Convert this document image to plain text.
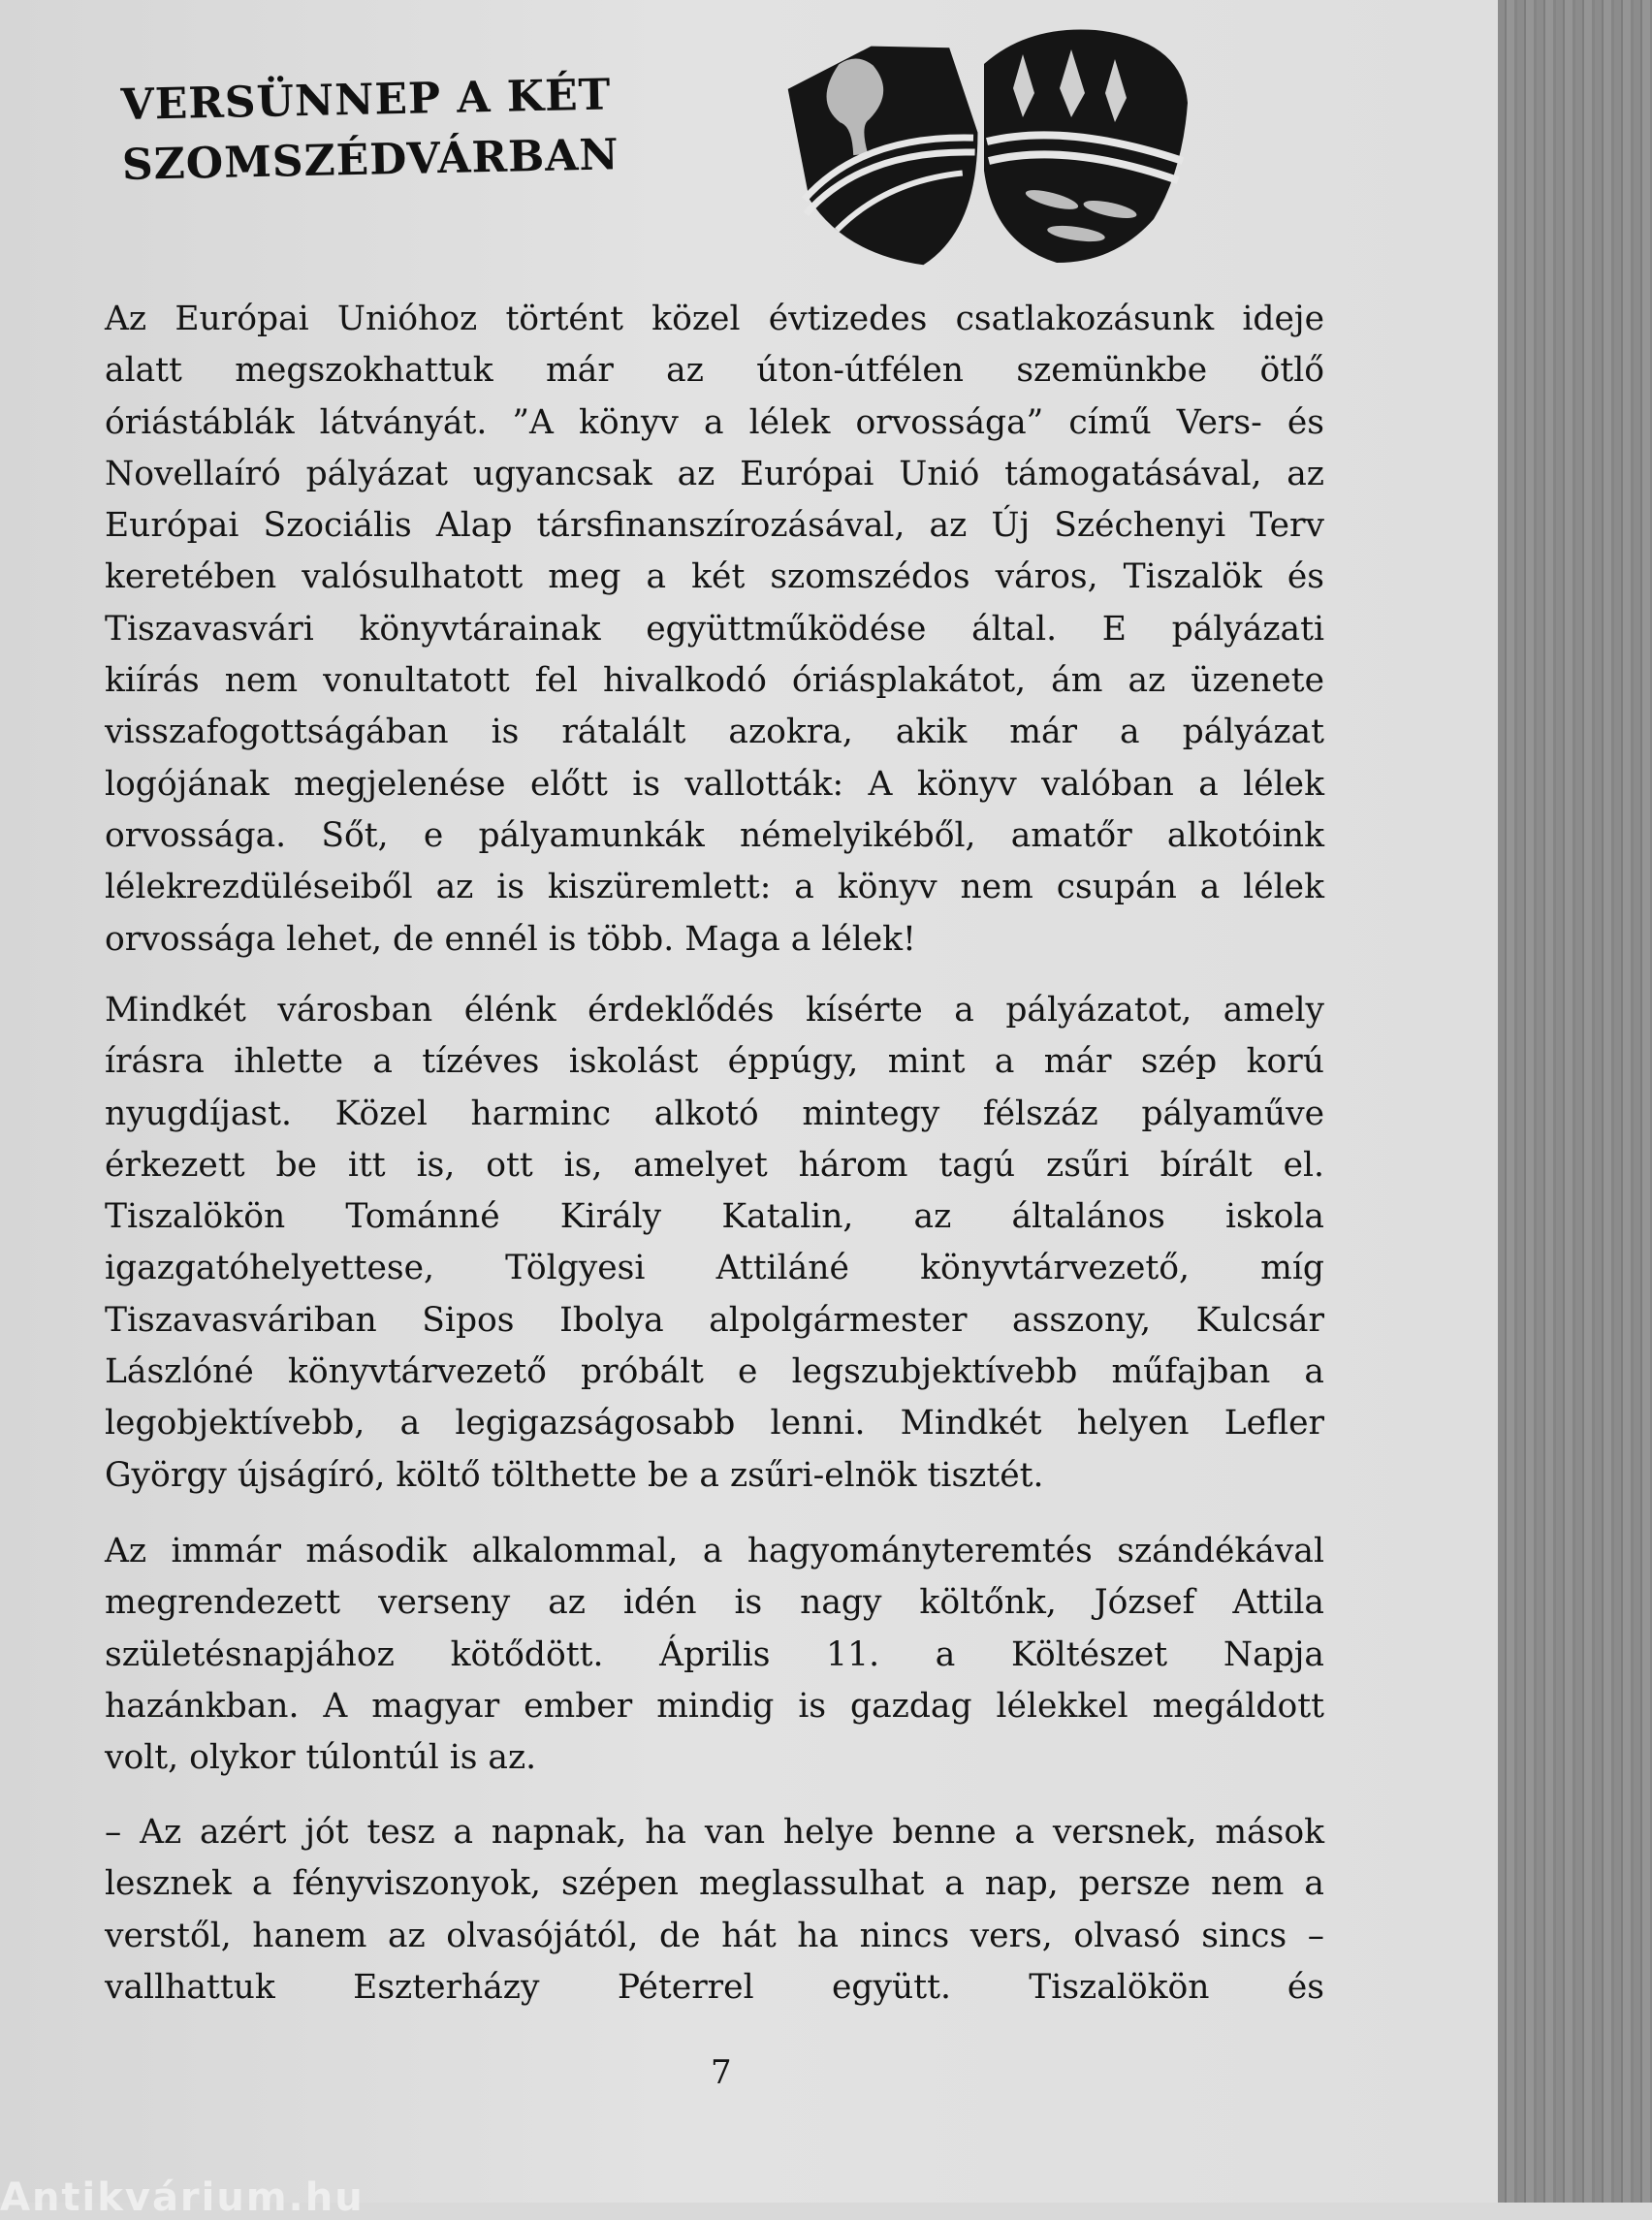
VERSÜNNEP A KÉT
SZOMSZÉDVÁRBAN
Az Európai Unióhoz történt közel évtizedes csatlakozásunk ideje
alatt megszokhattuk már az úton-útfélen szemünkbe ötlő
óriástáblák látványát. ”A könyv a lélek orvossága” című Vers- és
Novellaíró pályázat ugyancsak az Európai Unió támogatásával, az
Európai Szociális Alap társfinanszírozásával, az Új Széchenyi Terv
keretében valósulhatott meg a két szomszédos város, Tiszalök és
Tiszavasvári könyvtárainak együttműködése által. E pályázati
kiírás nem vonultatott fel hivalkodó óriásplakátot, ám az üzenete
visszafogottságában is rátalált azokra, akik már a pályázat
logójának megjelenése előtt is vallották: A könyv valóban a lélek
orvossága. Sőt, e pályamunkák némelyikéből, amatőr alkotóink
lélekrezdüléseiből az is kiszüremlett: a könyv nem csupán a lélek
orvossága lehet, de ennél is több. Maga a lélek!
Mindkét városban élénk érdeklődés kísérte a pályázatot, amely
írásra ihlette a tízéves iskolást éppúgy, mint a már szép korú
nyugdíjast. Közel harminc alkotó mintegy félszáz pályaműve
érkezett be itt is, ott is, amelyet három tagú zsűri bírált el.
Tiszalökön Tománné Király Katalin, az általános iskola
igazgatóhelyettese, Tölgyesi Attiláné könyvtárvezető, míg
Tiszavasváriban Sipos Ibolya alpolgármester asszony, Kulcsár
Lászlóné könyvtárvezető próbált e legszubjektívebb műfajban a
legobjektívebb, a legigazságosabb lenni. Mindkét helyen Lefler
György újságíró, költő tölthette be a zsűri-elnök tisztét.
Az immár második alkalommal, a hagyományteremtés szándékával
megrendezett verseny az idén is nagy költőnk, József Attila
születésnapjához kötődött. Április 11. a Költészet Napja
hazánkban. A magyar ember mindig is gazdag lélekkel megáldott
volt, olykor túlontúl is az.
– Az azért jót tesz a napnak, ha van helye benne a versnek, mások
lesznek a fényviszonyok, szépen meglassulhat a nap, persze nem a
verstől, hanem az olvasójától, de hát ha nincs vers, olvasó sincs –
vallhattuk Eszterházy Péterrel együtt. Tiszalökön és
7
Antikvárium.hu
